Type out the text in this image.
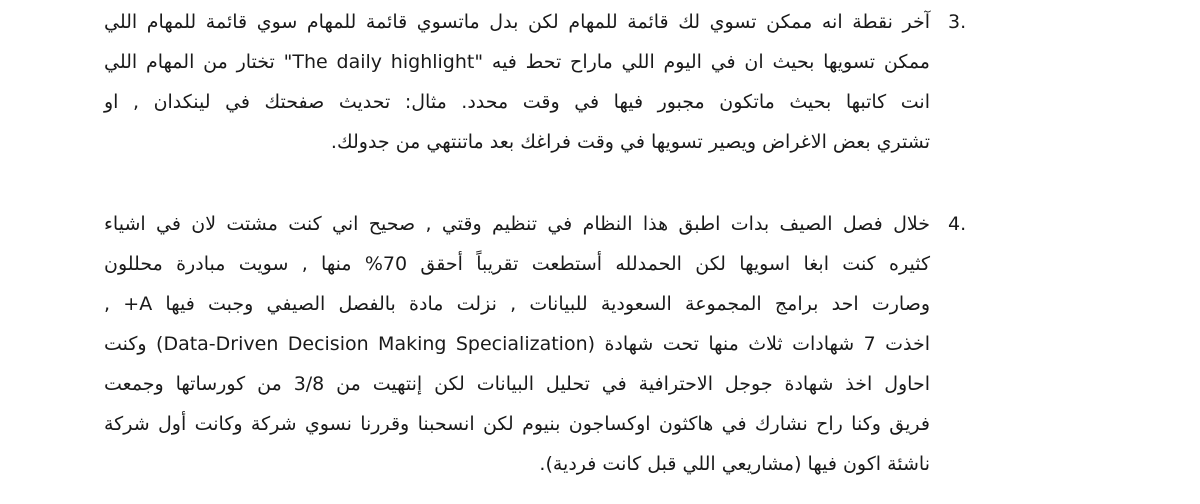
3.
آخر نقطة انه ممكن تسوي لك قائمة للمهام لكن بدل ماتسوي قائمة للمهام سوي قائمة للمهام اللي
ممكن تسويها بحيث ان في اليوم اللي ماراح تحط فيه "The daily highlight" تختار من المهام اللي
انت كاتبها بحيث ماتكون مجبور فيها في وقت محدد. مثال: تحديث صفحتك في لينكدان , او
تشتري بعض الاغراض ويصير تسويها في وقت فراغك بعد ماتنتهي من جدولك.
4.
خلال فصل الصيف بدات اطبق هذا النظام في تنظيم وقتي , صحيح اني كنت مشتت لان في اشياء
كثيره كنت ابغا اسويها لكن الحمدلله أستطعت تقريباً أحقق 70% منها , سويت مبادرة محللون
وصارت احد برامج المجموعة السعودية للبيانات , نزلت مادة بالفصل الصيفي وجبت فيها A+ ,
اخذت 7 شهادات ثلاث منها تحت شهادة (Data-Driven Decision Making Specialization) وكنت
احاول اخذ شهادة جوجل الاحترافية في تحليل البيانات لكن إنتهيت من 3/8 من كورساتها وجمعت
فريق وكنا راح نشارك في هاكثون اوكساجون بنيوم لكن انسحبنا وقررنا نسوي شركة وكانت أول شركة
ناشئة اكون فيها (مشاريعي اللي قبل كانت فردية).
